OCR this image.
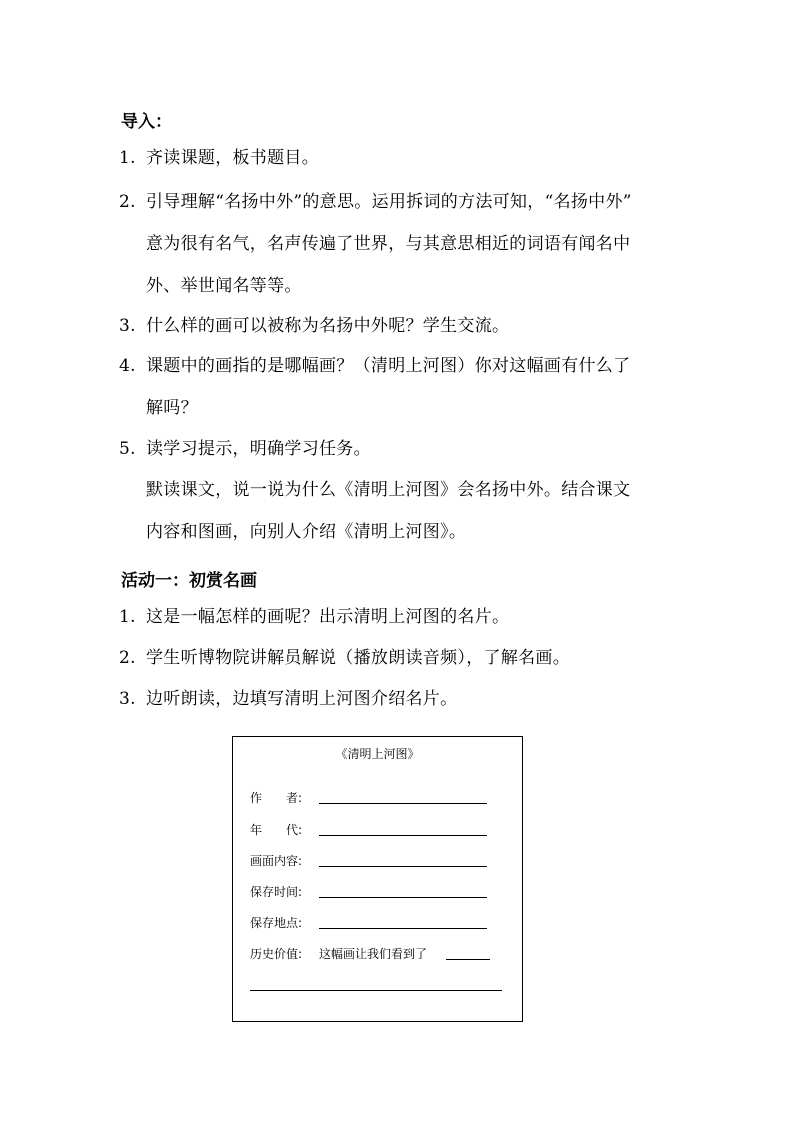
导入：
1. 齐读课题，板书题目。
2. 引导理解“名扬中外”的意思。运用拆词的方法可知，“名扬中外”
意为很有名气，名声传遍了世界，与其意思相近的词语有闻名中
外、举世闻名等等。
3. 什么样的画可以被称为名扬中外呢？学生交流。
4. 课题中的画指的是哪幅画？（清明上河图）你对这幅画有什么了
解吗？
5. 读学习提示，明确学习任务。
默读课文，说一说为什么《清明上河图》会名扬中外。结合课文
内容和图画，向别人介绍《清明上河图》。
活动一：初赏名画
1. 这是一幅怎样的画呢？出示清明上河图的名片。
2. 学生听博物院讲解员解说（播放朗读音频），了解名画。
3. 边听朗读，边填写清明上河图介绍名片。
《清明上河图》
作　　者:
年　　代:
画面内容:
保存时间:
保存地点:
历史价值: 这幅画让我们看到了
